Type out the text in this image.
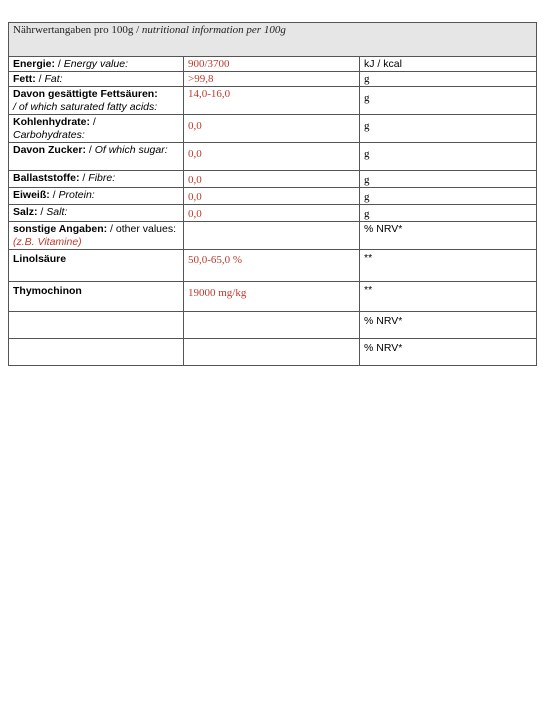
Nährwertangaben pro 100g / nutritional information per 100g		
Energie: / Energy value:	900/3700	kJ / kcal
Fett: / Fat:	>99,8	g
Davon gesättigte Fettsäuren:
/ of which saturated fatty acids:	14,0-16,0	g
Kohlenhydrate: /
Carbohydrates:	0,0	g
Davon Zucker: / Of which sugar:	0,0	g
Ballaststoffe: / Fibre:	0,0	g
Eiweiß: / Protein:	0,0	g
Salz: / Salt:	0,0	g
sonstige Angaben: / other values: (z.B. Vitamine)		% NRV*
Linolsäure	50,0-65,0 %	**
Thymochinon	19000 mg/kg	**
		% NRV*
		% NRV*
